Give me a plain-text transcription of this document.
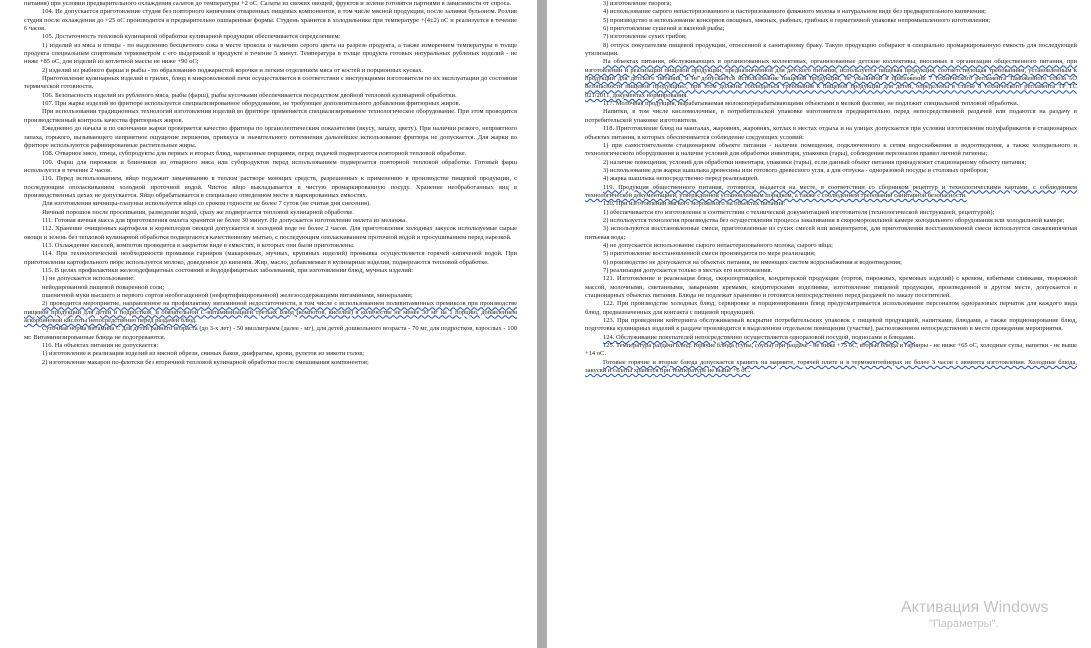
питания) при условии предварительного охлаждения салатов до температуры +2 оС. Салаты из свежих овощей, фруктов и зелени готовятся партиями в зависимости от спроса.

104. Не допускается приготовление студня без повторного кипячения отваренных пищевых компонентов, в том числе мясной продукции, после заливки бульоном. Розлив студня после охлаждения до +25 оС производится в предварительно ошпаренные формы. Студень хранится в холодильнике при температуре +(4±2) оС и реализуется в течение 6 часов.

105. Достаточность тепловой кулинарной обработки кулинарной продукции обеспечивается определением:

1) изделий из мяса и птицы - по выделению бесцветного сока в месте прокола и наличию серого цвета на разрезе продукта, а также измерением температуры в толще продукта специальным спиртовым термометром с его выдержкой в продукте в течение 5 минут. Температура в толще продукта готовых натуральных рубленых изделий - не ниже +85 оС, для изделий из котлетной массы не ниже +90 оС;

2) изделий из рыбного фарша и рыбы - по образованию поджаристой корочки и легким отделением мяса от костей и порционных кусках.

Приготовление кулинарных изделий в грилях, блюд в микроволновой печи осуществляется в соответствии с инструкциями изготовителя по их эксплуатации до состояния термической готовности.

106. Безопасность изделий из рубленого мяса, рыбы (фарш), рыбы кусочками обеспечивается посредством двойной тепловой кулинарной обработки.

107. При жарке изделий во фритюре используется специализированное оборудование, не требующее дополнительного добавления фритюрных жиров.

При использовании традиционных технологий изготовления изделий во фритюре применяется специализированное технологическое оборудование. При этом проводится производственный контроль качества фритюрных жиров.

Ежедневно до начала и по окончании жарки проверяется качество фритюра по органолептическим показателям (вкусу, запаху, цвету). При наличии резкого, неприятного запаха, горького, вызывающего неприятное ощущение першения, привкуса и значительного потемнения дальнейшее использование фритюра не допускается. Для жарки во фритюре используются рафинированные растительные жиры.

108. Отварное мясо, птица, субпродукты для первых и вторых блюд, нарезанные порциями, перед подачей подвергаются повторной тепловой обработке.

109. Фарш для пирожков и блинчиков из отварного мяса или субпродуктов перед использованием подвергается повторной тепловой обработке. Готовый фарш используется в течение 2 часов.

110. Перед использованием, яйцо подлежит замачиванию в теплом растворе моющих средств, разрешенных к применению в производстве пищевой продукции, с последующим ополаскиванием холодной проточной водой. Чистое яйцо выкладывается в чистую промаркированную посуду. Хранение необработанных яиц в производственных цехах не допускается. Яйцо обрабатывается в специально отведенном месте в маркированных емкостях.

Для изготовления яичницы-глазуньи используется яйцо со сроком годности не более 7 суток (не считая дня снесения).

Яичный порошок после просеивания, разведения водой, сразу же подвергается тепловой кулинарной обработке.

111. Готовая яичная масса для приготовления омлета хранится не более 30 минут. Не допускается изготовление омлета из меланжа.

112. Хранение очищенных картофеля и корнеплодов овощей допускается в холодной воде не более 2 часов. Для приготовления холодных закусок используемые сырые овощи и зелень без тепловой кулинарной обработки подвергаются качественному мытью, с последующим ополаскиванием проточной водой и просушиванием перед нарезкой.

113. Охлаждение киселей, компотов проводится в закрытом виде в емкостях, в которых они были приготовлены.

114. При технологической необходимости промывки гарниров (макаронных, мучных, крупяных изделий) промывка осуществляется горячей кипяченой водой. При приготовлении картофельного пюре используется молоко, доведенное до кипения. Жир, масло, добавляемые в кулинарные изделия, подвергаются тепловой обработке.

115. В целях профилактики железодефицитных состояний и йододефицитных заболеваний, при изготовлении блюд, мучных изделий:

1) не допускается использование:

нейодированной пищевой поваренной соли;

пшеничной муки высшего и первого сортов необогащенной (нефортифицированной) железосодержащими витаминами, минералами;

2) проводится мероприятие, направленное на профилактику витаминной недостаточности, в том числе с использованием поливитаминных премиксов при производстве пищевой продукции для детей и подростков, и обязательной С-витаминизацией третьих блюд (компотов, киселей) в количестве не менее 30 мг на 1 порцию, добавлением аскорбиновой кислоты непосредственно перед раздачей блюд.

Суточная норма витамина С для детей раннего возраста (до 3-х лет) - 50 миллиграмм (далее - мг), для детей дошкольного возраста - 70 мг, для подростков, взрослых - 100 мг. Витаминизированные блюда не подогреваются.

116. На объектах питания не допускается:

1) изготовление и реализация изделий из мясной обрези, свиных баков, диафрагмы, крови, рулетов из мякоти голов;

2) изготовление макарон по-флотски без вторичной тепловой кулинарной обработки после смешивания компонентов;

3) изготовление творога;

4) использование сырого непастеризованного и пастеризованного фляжного молока в натуральном виде без предварительного кипячения;

5) производство и использование консервов овощных, мясных, рыбных, грибных в герметичной упаковке непромышленного изготовления;

6) приготовление сушеной и вяленой рыбы;

7) изготовление сухих грибов;

8) отпуск покупателям пищевой продукции, отпесенной к санитарному браку. Такую продукцию собирают в специально промаркированную емкость для последующей утилизации.

На объектах питания, обслуживающих в организованных коллективах, организованные детские коллективы, вносимые в организации общественного питания, при изготовлении и реализации пищевой продукции, предназначенной для детского питания, используется пищевая продукция, соответствующая требованиям, установленным к продукции для детского питания, и не допускается использование пищевой продукции, не указанной в приложении 7 технического регламента Таможенного союза «О безопасности пищевой продукции», при этом должны соблюдаться требования к пищевой продукции для детей, определены в статье 8 технического регламента ТР ТС 021/2011, документах нормирования.

117. Молочная продукция, вырабатываемая молокоперерабатывающими объектами в мелкой фасовке, не подлежит специальной тепловой обработки.

Напитки, в том числе кисломолочные, в потребительской упаковке изготовителя предварительно перед непосредственной раздачей или подаются на раздачу в потребительской упаковке изготовителя.

118. Приготовление блюд на мангалах, жаровнях, жаровнях, котлах в местах отдыха и на улицах допускается при условии изготовления полуфабрикатов в стационарных объектах питания, в которых обеспечивается соблюдение следующих условий:

1) при самостоятельном стационарном объекте питания - наличие помещения, подключенного к сетям водоснабжения и водоотведения, а также холодильного и технологического оборудования и наличие условий для обработки инвентаря, упаковки (тары), соблюдения персоналом правил личной гигиены;

2) наличие помещения, условий для обработки инвентаря, упаковки (тары), если данный объект питания принадлежит стационарному объекту питания;

3) использование для жарки шашлыка древесины или готового древесного угля, а для отпуска - одноразовой посуды и столовых приборов;

4) жарка шашлыка непосредственно перед реализацией.

119. Продукция общественного питания, готовится, выдается на месте, в соответствии со сборником рецептур и технологическими картами, с соблюдением технологической документацией, утвержденной установленным порядком, а также с соблюдением требований санитарной безопасности.

120. При изготовлении мягкого мороженого на объектах питания:

1) обеспечивается его изготовление в соответствии с технической документацией изготовителя (технологической инструкцией, рецептурой);

2) используется технология производства без осуществления процесса закаливания в скороморозильной камере холодильного оборудования или холодильной камере;

3) используются восстановленные смеси, приготовленные из сухих смесей или концентратов, для приготовления восстановленной смеси используется свежекипяченая питьевая вода;

4) не допускается использование сырого непастеризованного молока, сырого яйца;

5) приготовление восстановленной смеси производится по мере реализации;

6) производство не допускается на объектах питания, не имеющих систем водоснабжения и водоотведения;

7) реализация допускается только в местах его изготовления.

121. Изготовление и реализация блюд, скоропортящейся, кондитерской продукции (тортов, пирожных, кремовых изделий) с кремом, взбитыми сливками, творожной массой, молочными, сметанными, заварными кремами, кондитерскими изделиями, изготовление пищевой продукции, произведенной в другом месте, допускается в стационарных объектах питания. Блюда не подлежат хранению и готовятся непосредственно перед раздачей по заказу посетителей.

122. При производстве холодных блюд, сервировке и порционировании блюд предусматривается использование персоналом одноразовых перчаток для каждого вида блюд, предназначенных для контакта с пищевой продукцией.

123. При проведении кейтеринга обслуживаемый вскрытие потребительских упаковок с пищевой продукцией, напитками, блюдами, а также порционирование блюд, подготовка кулинарных изделий к раздаче производится в выделенном отдельном помещении (участке), расположенном непосредственно в месте проведения мероприятия.

124. Обслуживание покупателей непосредственно осуществляется одноразовой посудой, подносами и блюдами.

125. Температура раздачи блюд: горячие блюда (супы, соусы) при раздаче - не ниже +75 оС, вторые блюда и гарниры - не ниже +65 оС, холодные супы, напитки - не выше +14 оС.

Готовые горячие и вторые блюда допускается хранить на мармите, горячей плите и в термоконтейнерах не более 3 часов с момента изготовления. Холодные блюда, закуски и салаты хранятся при температуре не выше +6 оС.

Активация Windows
"Параметры".
